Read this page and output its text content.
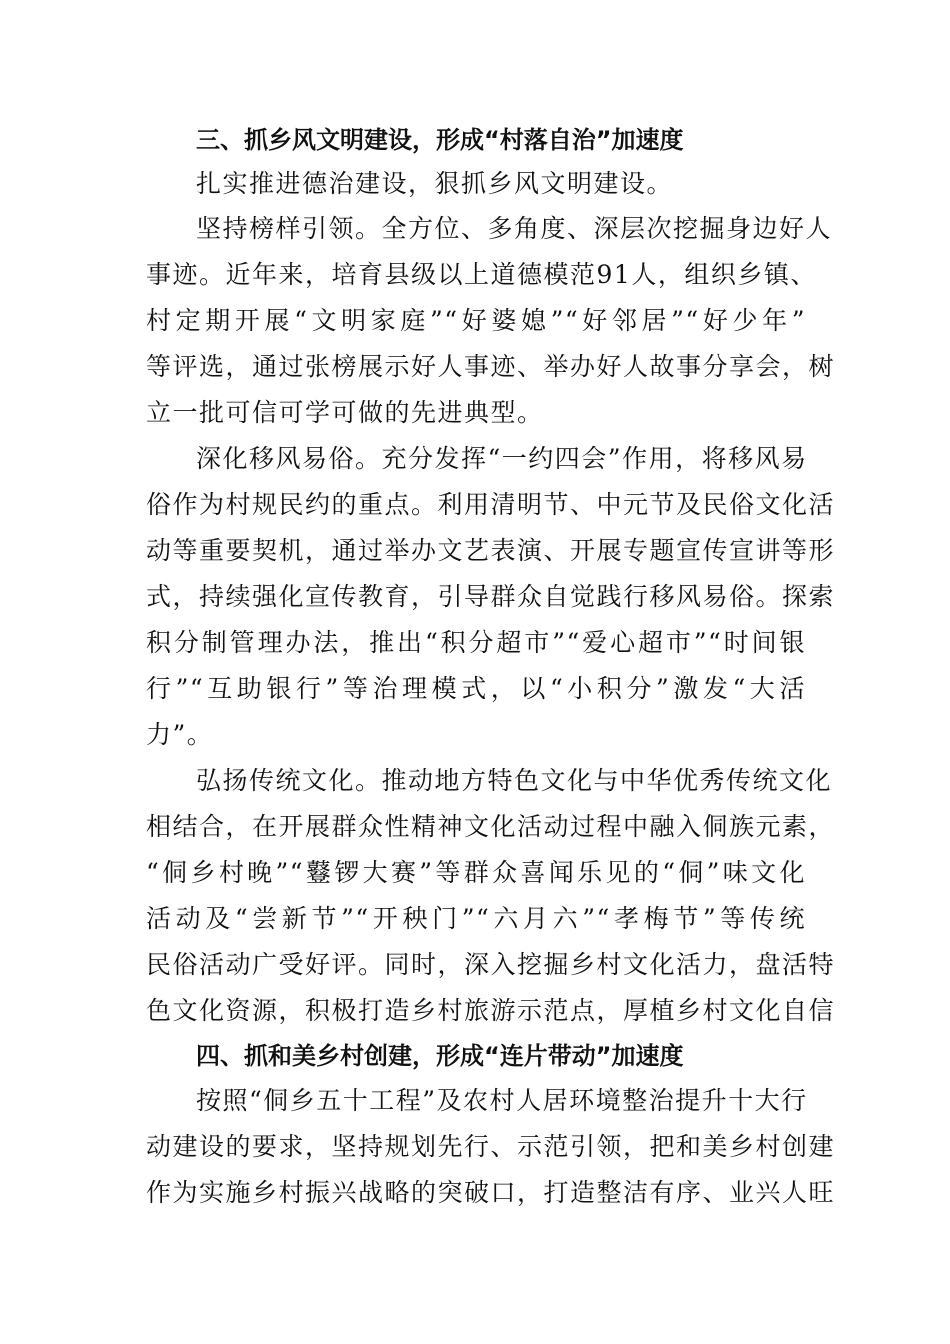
三、抓乡风文明建设，形成“村落自治”加速度

扎实推进德治建设，狠抓乡风文明建设。

坚持榜样引领。全方位、多角度、深层次挖掘身边好人
事迹。近年来，培育县级以上道德模范91人，组织乡镇、
村定期开展“文明家庭”“好婆媳”“好邻居”“好少年”
等评选，通过张榜展示好人事迹、举办好人故事分享会，树
立一批可信可学可做的先进典型。
深化移风易俗。充分发挥“一约四会”作用，将移风易
俗作为村规民约的重点。利用清明节、中元节及民俗文化活
动等重要契机，通过举办文艺表演、开展专题宣传宣讲等形
式，持续强化宣传教育，引导群众自觉践行移风易俗。探索
积分制管理办法，推出“积分超市”“爱心超市”“时间银
行”“互助银行”等治理模式，以“小积分”激发“大活
力”。
弘扬传统文化。推动地方特色文化与中华优秀传统文化
相结合，在开展群众性精神文化活动过程中融入侗族元素，
“侗乡村晚”“鼟锣大赛”等群众喜闻乐见的“侗”味文化
活动及“尝新节”“开秧门”“六月六”“孝梅节”等传统
民俗活动广受好评。同时，深入挖掘乡村文化活力，盘活特
色文化资源，积极打造乡村旅游示范点，厚植乡村文化自信
四、抓和美乡村创建，形成“连片带动”加速度
按照“侗乡五十工程”及农村人居环境整治提升十大行
动建设的要求，坚持规划先行、示范引领，把和美乡村创建
作为实施乡村振兴战略的突破口，打造整洁有序、业兴人旺
